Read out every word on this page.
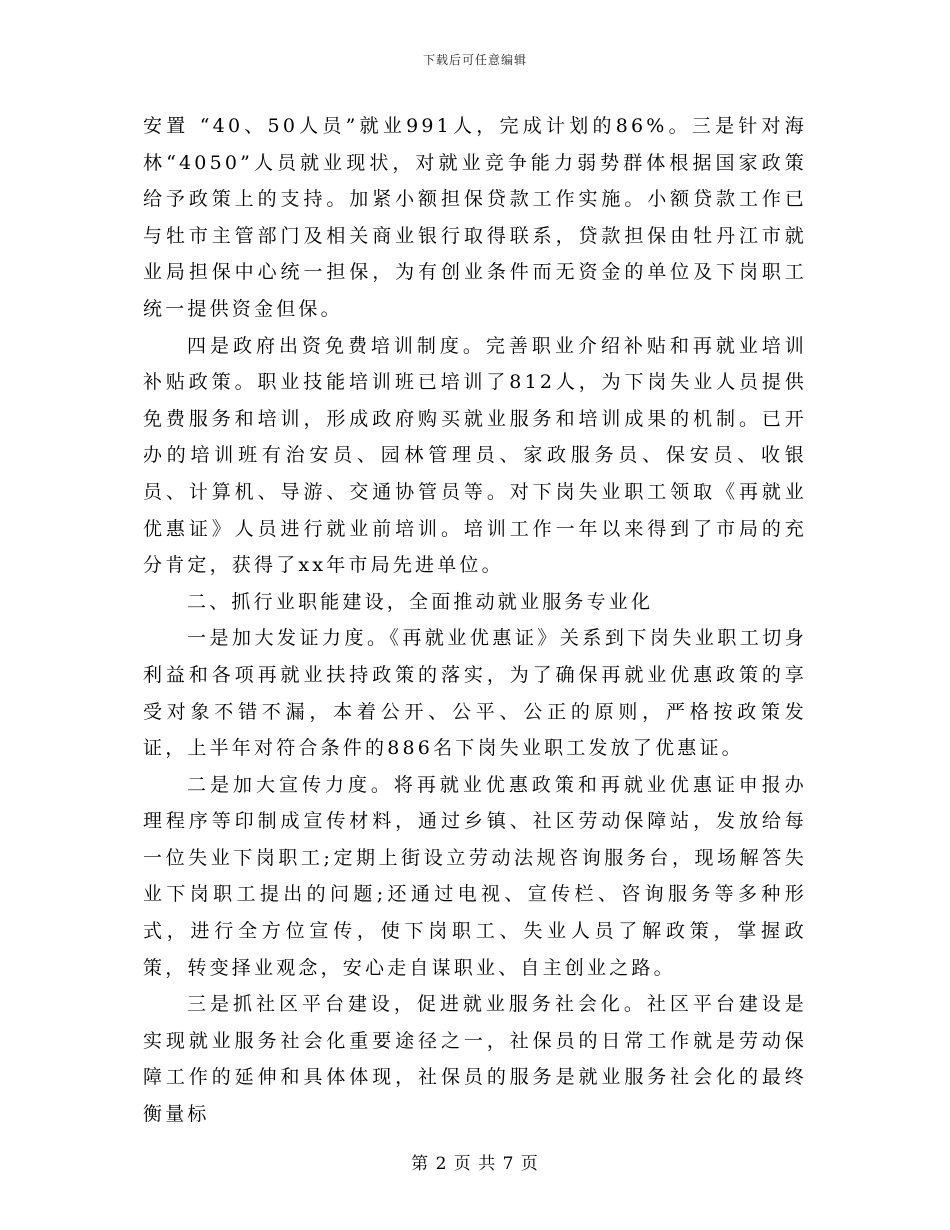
下载后可任意编辑

安置 “40、50人员”就业991人，完成计划的86%。三是针对海林“4050”人员就业现状，对就业竞争能力弱势群体根据国家政策给予政策上的支持。加紧小额担保贷款工作实施。小额贷款工作已与牡市主管部门及相关商业银行取得联系，贷款担保由牡丹江市就业局担保中心统一担保，为有创业条件而无资金的单位及下岗职工统一提供资金但保。

四是政府出资免费培训制度。完善职业介绍补贴和再就业培训补贴政策。职业技能培训班已培训了812人，为下岗失业人员提供免费服务和培训，形成政府购买就业服务和培训成果的机制。已开办的培训班有治安员、园林管理员、家政服务员、保安员、收银员、计算机、导游、交通协管员等。对下岗失业职工领取《再就业优惠证》人员进行就业前培训。培训工作一年以来得到了市局的充分肯定，获得了xx年市局先进单位。

二、抓行业职能建设，全面推动就业服务专业化

一是加大发证力度。《再就业优惠证》关系到下岗失业职工切身利益和各项再就业扶持政策的落实，为了确保再就业优惠政策的享受对象不错不漏，本着公开、公平、公正的原则，严格按政策发证，上半年对符合条件的886名下岗失业职工发放了优惠证。

二是加大宣传力度。将再就业优惠政策和再就业优惠证申报办理程序等印制成宣传材料，通过乡镇、社区劳动保障站，发放给每一位失业下岗职工;定期上街设立劳动法规咨询服务台，现场解答失业下岗职工提出的问题;还通过电视、宣传栏、咨询服务等多种形式，进行全方位宣传，使下岗职工、失业人员了解政策，掌握政策，转变择业观念，安心走自谋职业、自主创业之路。

三是抓社区平台建设，促进就业服务社会化。社区平台建设是实现就业服务社会化重要途径之一，社保员的日常工作就是劳动保障工作的延伸和具体体现，社保员的服务是就业服务社会化的最终衡量标

第 2 页 共 7 页
